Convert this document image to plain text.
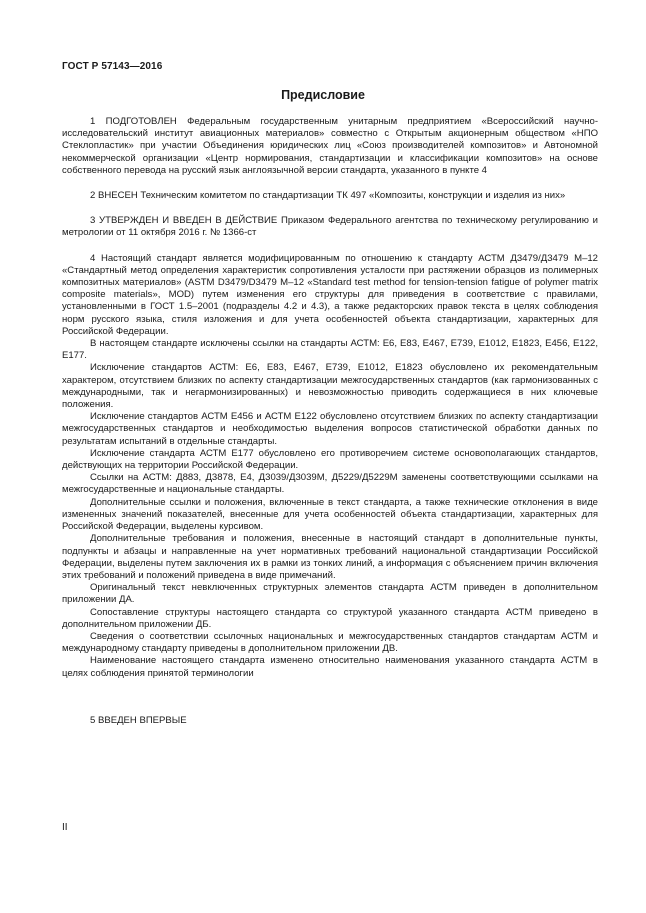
ГОСТ Р 57143—2016
Предисловие

1 ПОДГОТОВЛЕН Федеральным государственным унитарным предприятием «Всероссийский научно-исследовательский институт авиационных материалов» совместно с Открытым акционерным обществом «НПО Стеклопластик» при участии Объединения юридических лиц «Союз производителей композитов» и Автономной некоммерческой организации «Центр нормирования, стандартизации и классификации композитов» на основе собственного перевода на русский язык англоязычной версии стандарта, указанного в пункте 4

2 ВНЕСЕН Техническим комитетом по стандартизации ТК 497 «Композиты, конструкции и изделия из них»

3 УТВЕРЖДЕН И ВВЕДЕН В ДЕЙСТВИЕ Приказом Федерального агентства по техническому регулированию и метрологии от 11 октября 2016 г. № 1366-ст

4 Настоящий стандарт является модифицированным по отношению к стандарту АСТМ Д3479/Д3479 М–12 «Стандартный метод определения характеристик сопротивления усталости при растяжении образцов из полимерных композитных материалов» (ASTM D3479/D3479 M–12 «Standard test method for tension-tension fatigue of polymer matrix composite materials», MOD) путем изменения его структуры для приведения в соответствие с правилами, установленными в ГОСТ 1.5–2001 (подразделы 4.2 и 4.3), а также редакторских правок текста в целях соблюдения норм русского языка, стиля изложения и для учета особенностей объекта стандартизации, характерных для Российской Федерации.

В настоящем стандарте исключены ссылки на стандарты АСТМ: Е6, Е83, Е467, Е739, Е1012, Е1823, Е456, Е122, Е177.

Исключение стандартов АСТМ: Е6, Е83, Е467, Е739, Е1012, Е1823 обусловлено их рекомендательным характером, отсутствием близких по аспекту стандартизации межгосударственных стандартов (как гармонизованных с международными, так и негармонизированных) и невозможностью приводить содержащиеся в них ключевые положения.

Исключение стандартов АСТМ Е456 и АСТМ Е122 обусловлено отсутствием близких по аспекту стандартизации межгосударственных стандартов и необходимостью выделения вопросов статистической обработки данных по результатам испытаний в отдельные стандарты.

Исключение стандарта АСТМ Е177 обусловлено его противоречием системе основополагающих стандартов, действующих на территории Российской Федерации.

Ссылки на АСТМ: Д883, Д3878, Е4, Д3039/Д3039М, Д5229/Д5229М заменены соответствующими ссылками на межгосударственные и национальные стандарты.

Дополнительные ссылки и положения, включенные в текст стандарта, а также технические отклонения в виде измененных значений показателей, внесенные для учета особенностей объекта стандартизации, характерных для Российской Федерации, выделены курсивом.

Дополнительные требования и положения, внесенные в настоящий стандарт в дополнительные пункты, подпункты и абзацы и направленные на учет нормативных требований национальной стандартизации Российской Федерации, выделены путем заключения их в рамки из тонких линий, а информация с объяснением причин включения этих требований и положений приведена в виде примечаний.

Оригинальный текст невключенных структурных элементов стандарта АСТМ приведен в дополнительном приложении ДА.

Сопоставление структуры настоящего стандарта со структурой указанного стандарта АСТМ приведено в дополнительном приложении ДБ.

Сведения о соответствии ссылочных национальных и межгосударственных стандартов стандартам АСТМ и международному стандарту приведены в дополнительном приложении ДВ.

Наименование настоящего стандарта изменено относительно наименования указанного стандарта АСТМ в целях соблюдения принятой терминологии

5 ВВЕДЕН ВПЕРВЫЕ

II
